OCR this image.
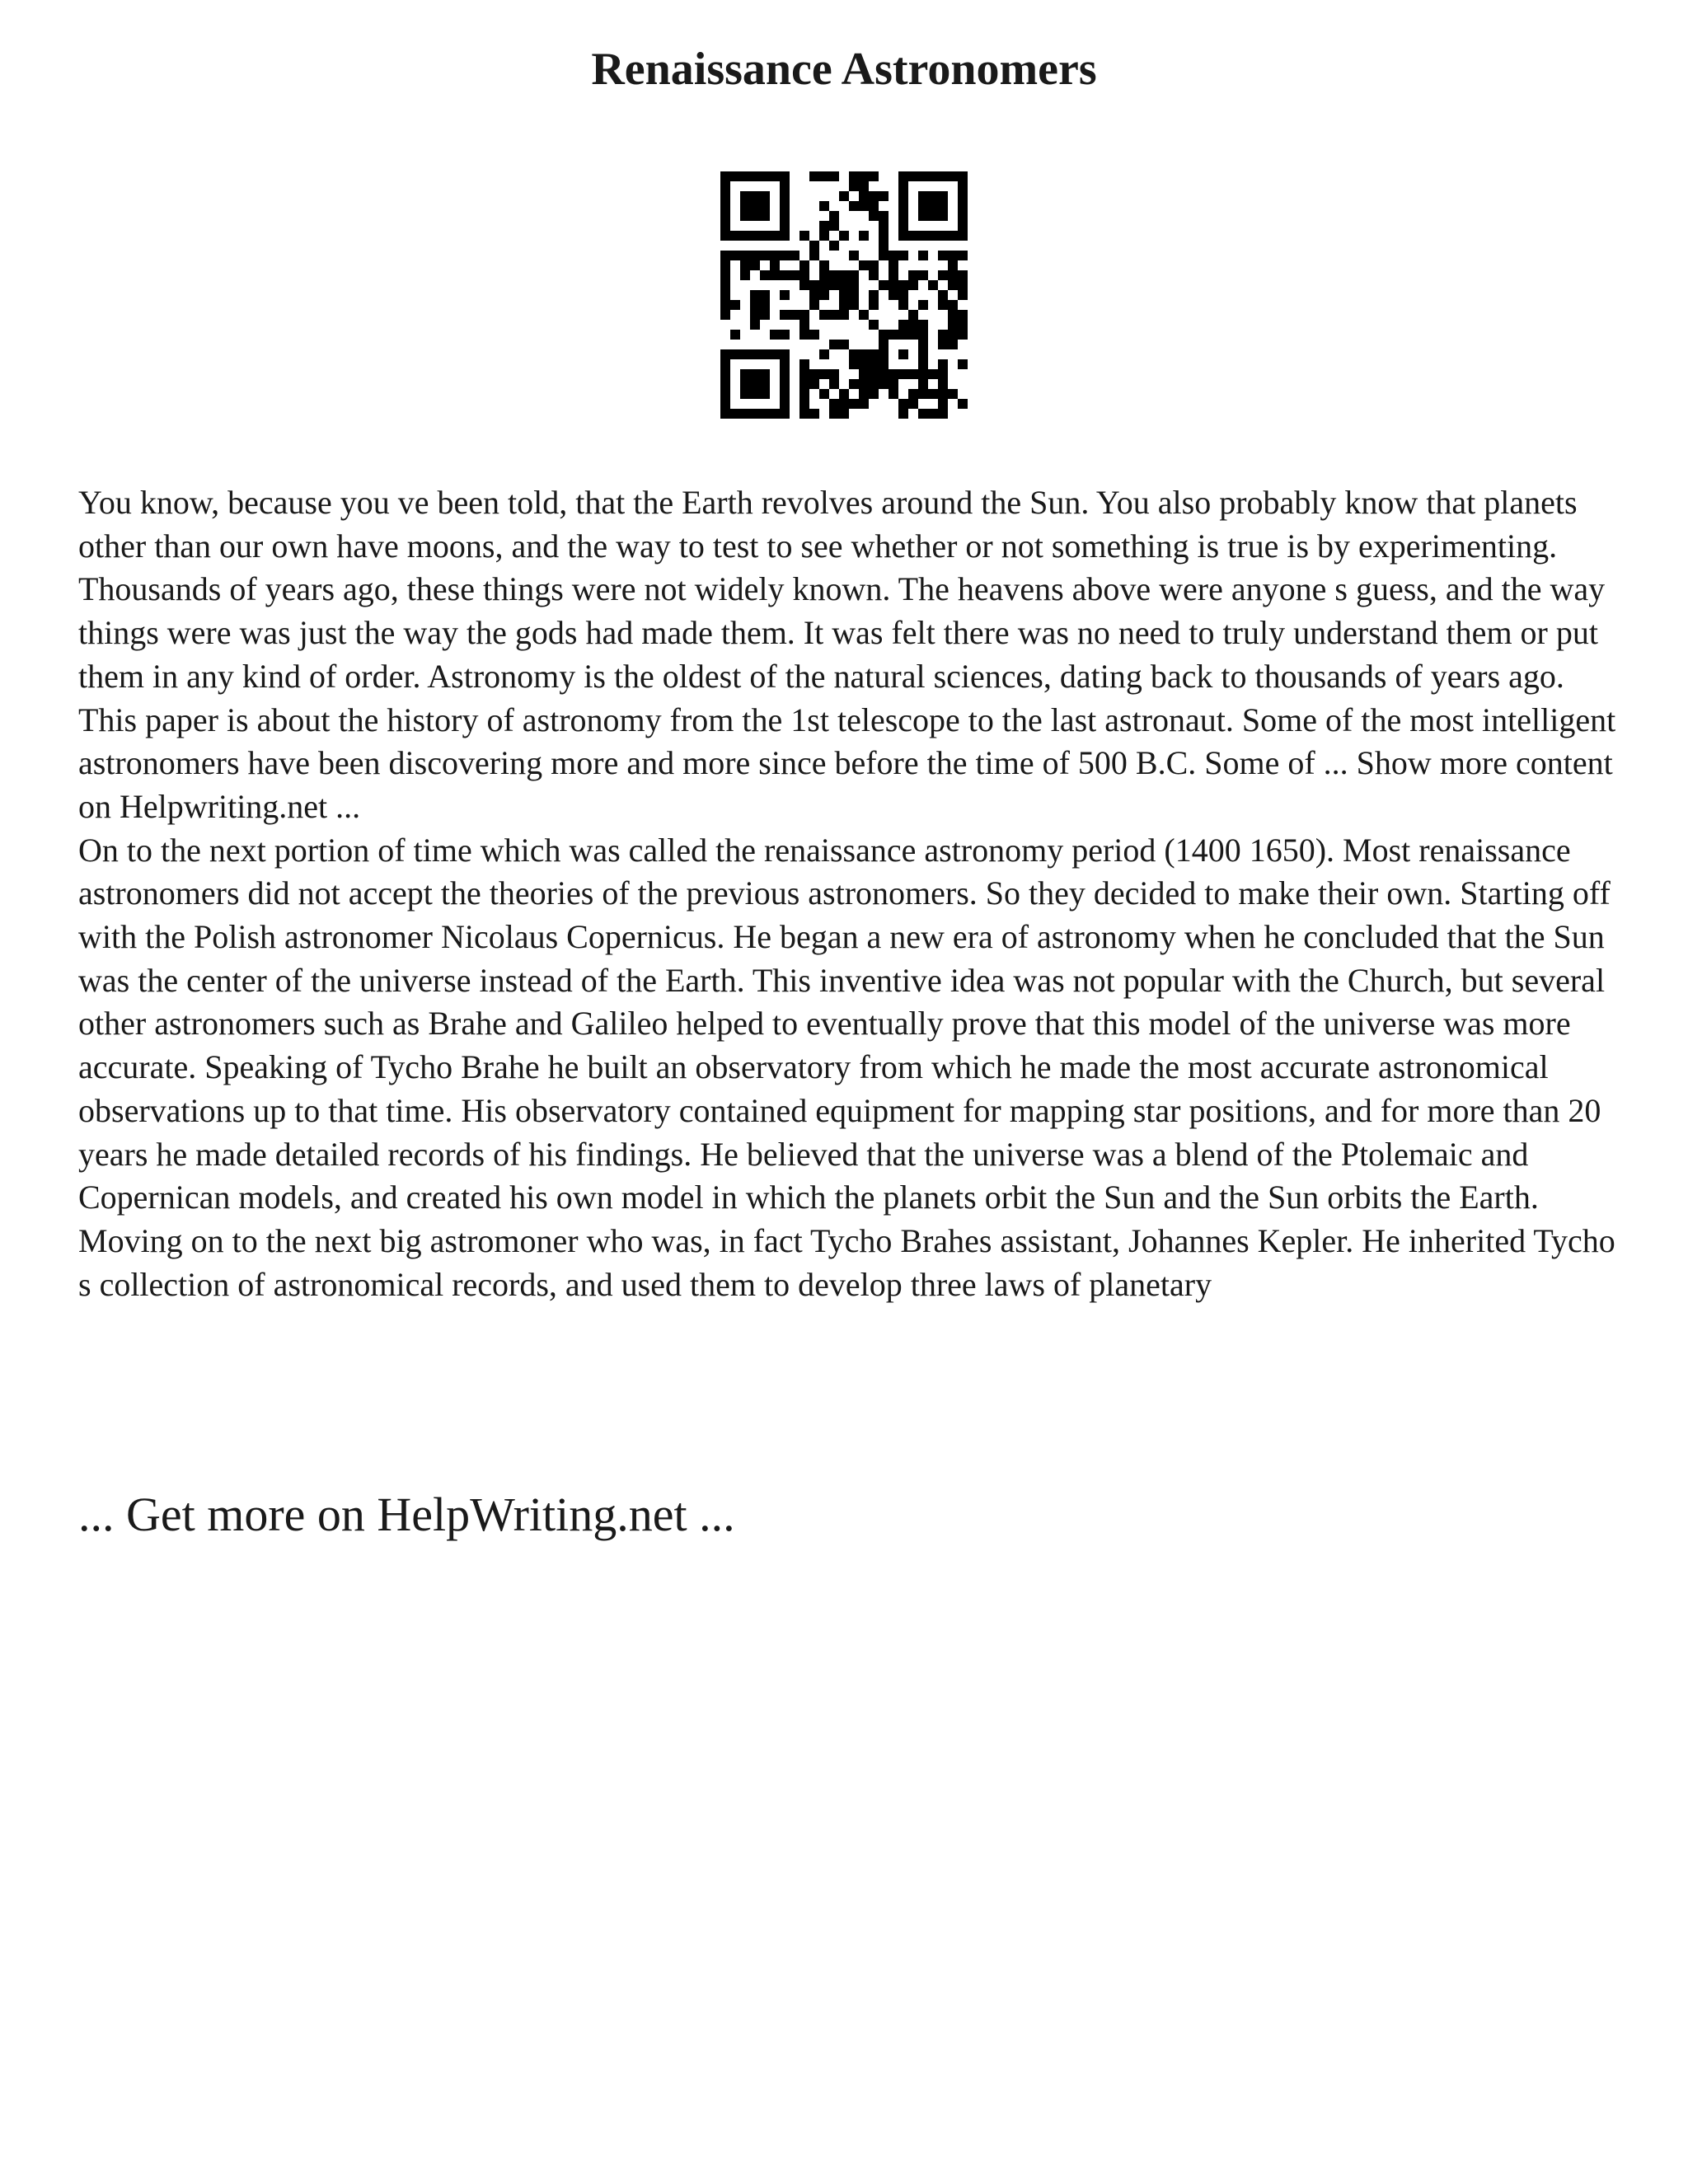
Renaissance Astronomers

You know, because you ve been told, that the Earth revolves around the Sun. You also probably know that planets other than our own have moons, and the way to test to see whether or not something is true is by experimenting. Thousands of years ago, these things were not widely known. The heavens above were anyone s guess, and the way things were was just the way the gods had made them. It was felt there was no need to truly understand them or put them in any kind of order. Astronomy is the oldest of the natural sciences, dating back to thousands of years ago. This paper is about the history of astronomy from the 1st telescope to the last astronaut. Some of the most intelligent astronomers have been discovering more and more since before the time of 500 B.C. Some of ... Show more content on Helpwriting.net ...

On to the next portion of time which was called the renaissance astronomy period (1400 1650). Most renaissance astronomers did not accept the theories of the previous astronomers. So they decided to make their own. Starting off with the Polish astronomer Nicolaus Copernicus. He began a new era of astronomy when he concluded that the Sun was the center of the universe instead of the Earth. This inventive idea was not popular with the Church, but several other astronomers such as Brahe and Galileo helped to eventually prove that this model of the universe was more accurate. Speaking of Tycho Brahe he built an observatory from which he made the most accurate astronomical observations up to that time. His observatory contained equipment for mapping star positions, and for more than 20 years he made detailed records of his findings. He believed that the universe was a blend of the Ptolemaic and Copernican models, and created his own model in which the planets orbit the Sun and the Sun orbits the Earth. Moving on to the next big astromoner who was, in fact Tycho Brahes assistant, Johannes Kepler. He inherited Tycho s collection of astronomical records, and used them to develop three laws of planetary

... Get more on HelpWriting.net ...
